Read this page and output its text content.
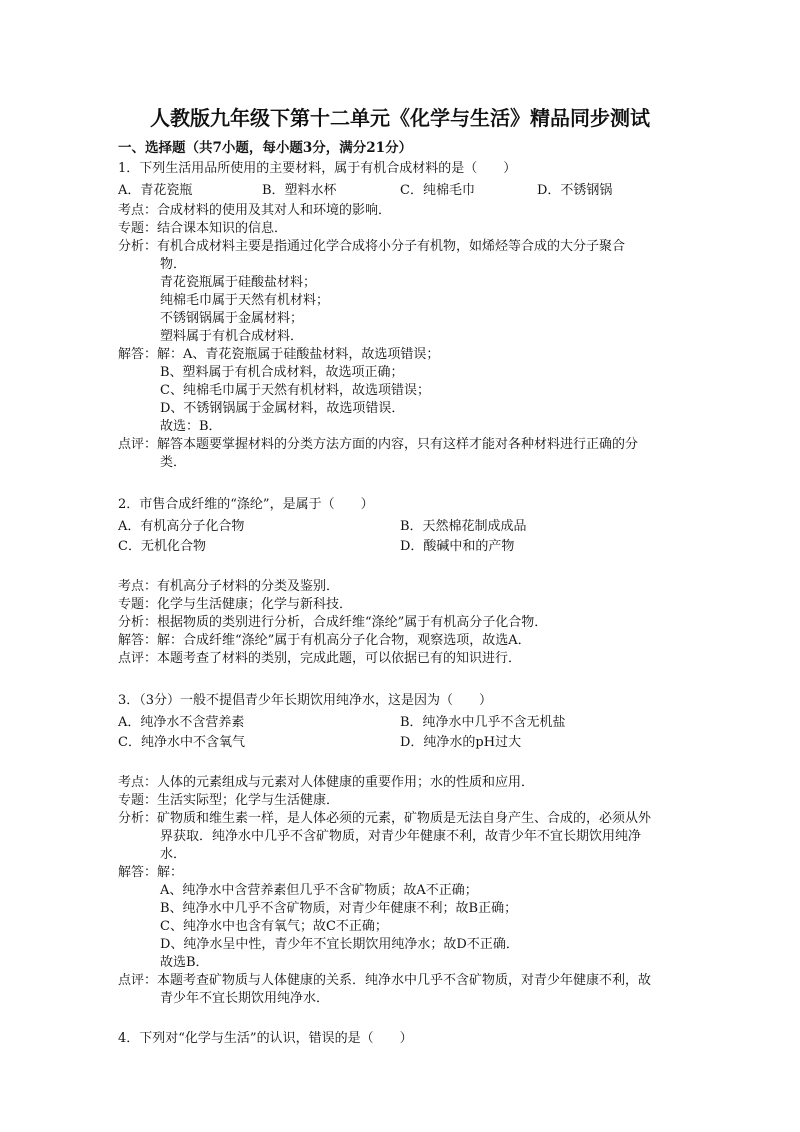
人教版九年级下第十二单元《化学与生活》精品同步测试
一、选择题（共7小题，每小题3分，满分21分）
1．下列生活用品所使用的主要材料，属于有机合成材料的是（　　）
A．青花瓷瓶	B．塑料水杯	C．纯棉毛巾	D．不锈钢锅
考点：合成材料的使用及其对人和环境的影响．
专题：结合课本知识的信息．
分析：有机合成材料主要是指通过化学合成将小分子有机物，如烯烃等合成的大分子聚合
物．
青花瓷瓶属于硅酸盐材料；
纯棉毛巾属于天然有机材料；
不锈钢锅属于金属材料；
塑料属于有机合成材料．
解答：解：A、青花瓷瓶属于硅酸盐材料，故选项错误；
B、塑料属于有机合成材料，故选项正确；
C、纯棉毛巾属于天然有机材料，故选项错误；
D、不锈钢锅属于金属材料，故选项错误．
故选：B．
点评：解答本题要掌握材料的分类方法方面的内容，只有这样才能对各种材料进行正确的分
类．
2．市售合成纤维的“涤纶”，是属于（　　）
A．有机高分子化合物	B．天然棉花制成成品
C．无机化合物	D．酸碱中和的产物
考点：有机高分子材料的分类及鉴别．
专题：化学与生活健康；化学与新科技．
分析：根据物质的类别进行分析，合成纤维“涤纶”属于有机高分子化合物．
解答：解：合成纤维“涤纶”属于有机高分子化合物，观察选项，故选A．
点评：本题考查了材料的类别，完成此题，可以依据已有的知识进行．
3．（3分）一般不提倡青少年长期饮用纯净水，这是因为（　　）
A．纯净水不含营养素	B．纯净水中几乎不含无机盐
C．纯净水中不含氧气	D．纯净水的pH过大
考点：人体的元素组成与元素对人体健康的重要作用；水的性质和应用．
专题：生活实际型；化学与生活健康．
分析：矿物质和维生素一样，是人体必须的元素，矿物质是无法自身产生、合成的，必须从外
界获取．纯净水中几乎不含矿物质，对青少年健康不利，故青少年不宜长期饮用纯净
水．
解答：解：
A、纯净水中含营养素但几乎不含矿物质；故A不正确；
B、纯净水中几乎不含矿物质，对青少年健康不利；故B正确；
C、纯净水中也含有氧气；故C不正确；
D、纯净水呈中性，青少年不宜长期饮用纯净水；故D不正确．
故选B．
点评：本题考查矿物质与人体健康的关系．纯净水中几乎不含矿物质，对青少年健康不利，故
青少年不宜长期饮用纯净水．
4．下列对“化学与生活”的认识，错误的是（　　）
